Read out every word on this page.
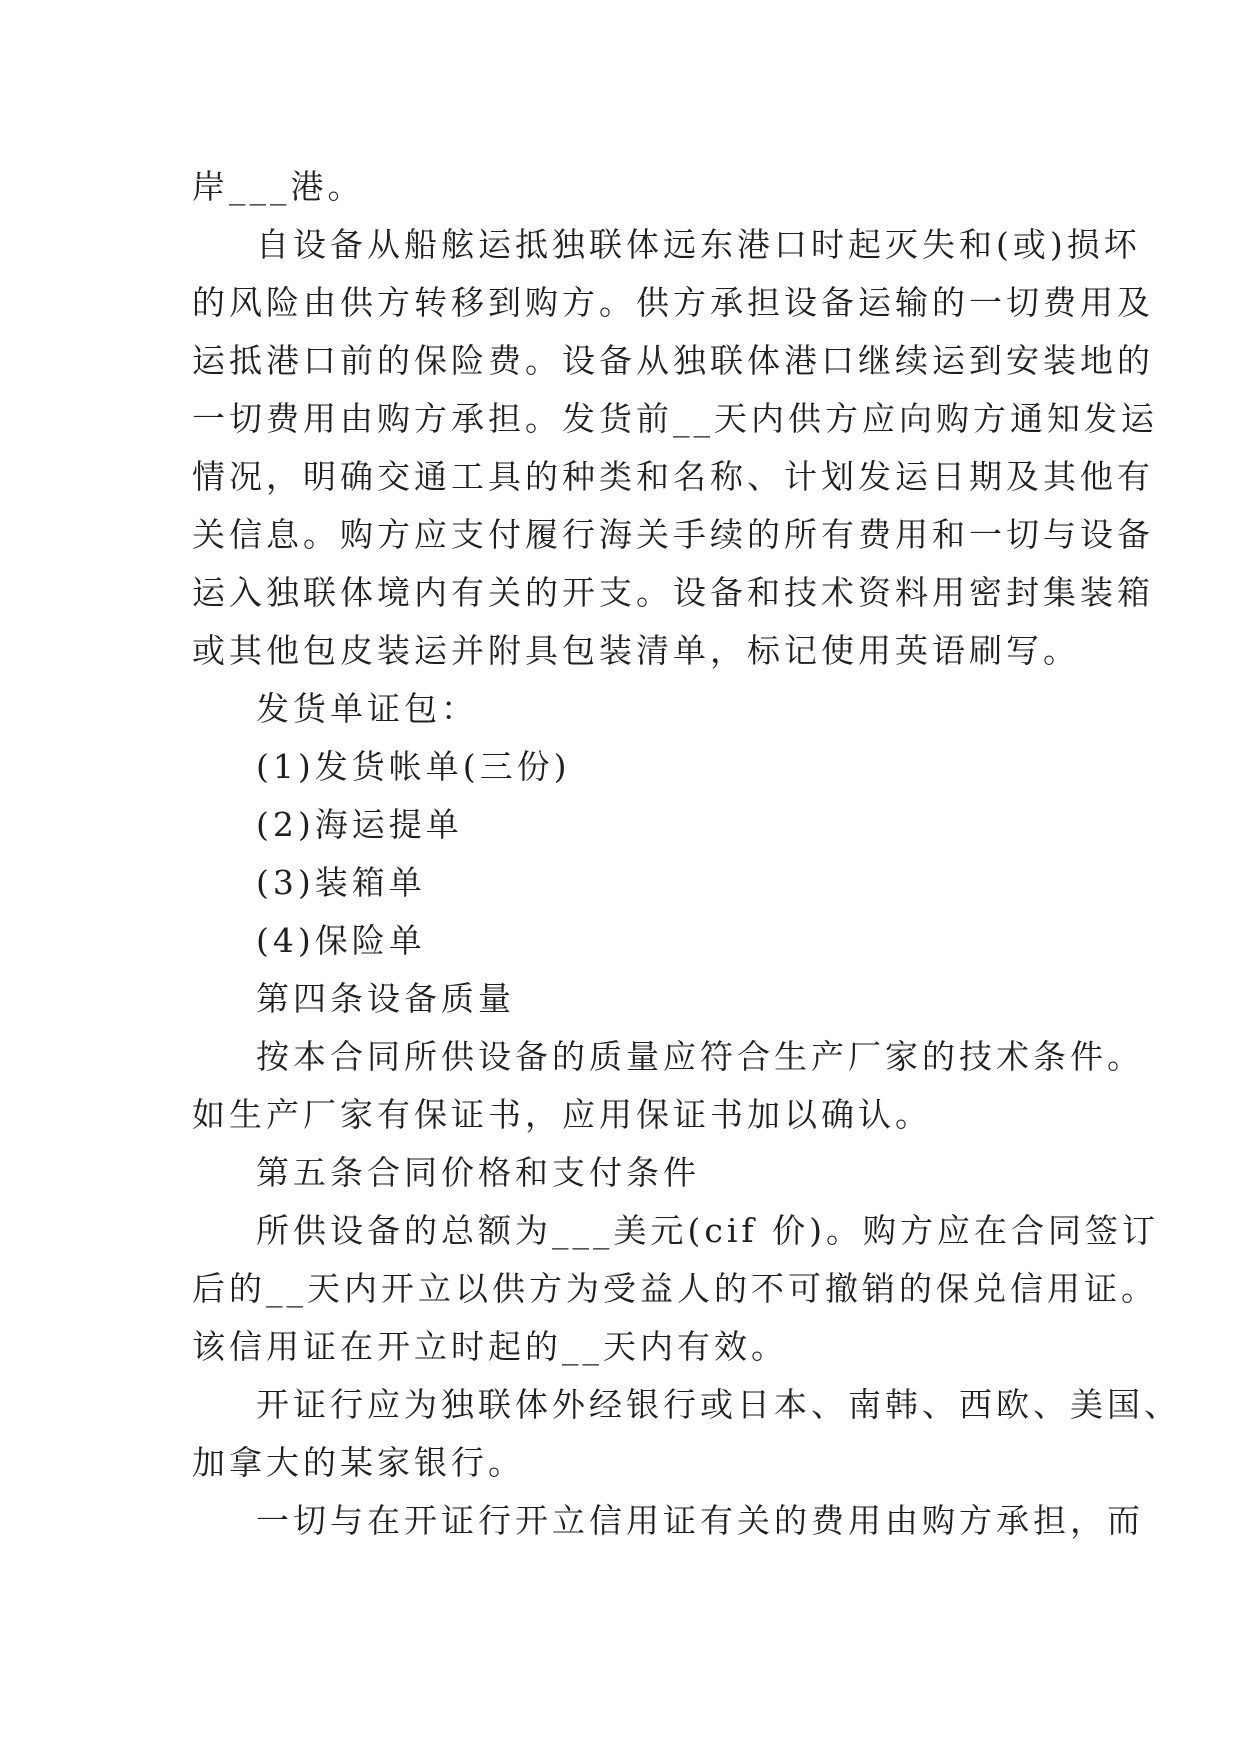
岸___港。
自设备从船舷运抵独联体远东港口时起灭失和(或)损坏
的风险由供方转移到购方。供方承担设备运输的一切费用及
运抵港口前的保险费。设备从独联体港口继续运到安装地的
一切费用由购方承担。发货前__天内供方应向购方通知发运
情况，明确交通工具的种类和名称、计划发运日期及其他有
关信息。购方应支付履行海关手续的所有费用和一切与设备
运入独联体境内有关的开支。设备和技术资料用密封集装箱
或其他包皮装运并附具包装清单，标记使用英语刷写。
发货单证包：
(1)发货帐单(三份)
(2)海运提单
(3)装箱单
(4)保险单
第四条设备质量
按本合同所供设备的质量应符合生产厂家的技术条件。
如生产厂家有保证书，应用保证书加以确认。
第五条合同价格和支付条件
所供设备的总额为___美元(cif 价)。购方应在合同签订
后的__天内开立以供方为受益人的不可撤销的保兑信用证。
该信用证在开立时起的__天内有效。
开证行应为独联体外经银行或日本、南韩、西欧、美国、
加拿大的某家银行。
一切与在开证行开立信用证有关的费用由购方承担，而
